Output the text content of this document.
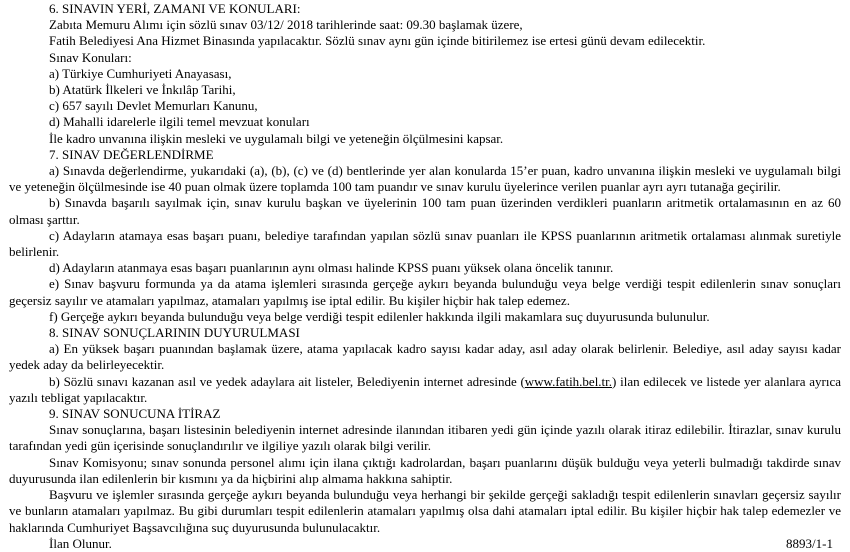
6. SINAVIN YERİ, ZAMANI VE KONULARI:
Zabıta Memuru Alımı için sözlü sınav 03/12/ 2018 tarihlerinde saat: 09.30 başlamak üzere,
Fatih Belediyesi Ana Hizmet Binasında yapılacaktır. Sözlü sınav aynı gün içinde bitirilemez ise ertesi günü devam edilecektir.
Sınav Konuları:
a) Türkiye Cumhuriyeti Anayasası,
b) Atatürk İlkeleri ve İnkılâp Tarihi,
c) 657 sayılı Devlet Memurları Kanunu,
d) Mahalli idarelerle ilgili temel mevzuat konuları
İle kadro unvanına ilişkin mesleki ve uygulamalı bilgi ve yeteneğin ölçülmesini kapsar.
7. SINAV DEĞERLENDİRME
a) Sınavda değerlendirme, yukarıdaki (a), (b), (c) ve (d) bentlerinde yer alan konularda 15’er puan, kadro unvanına ilişkin mesleki ve uygulamalı bilgi ve yeteneğin ölçülmesinde ise 40 puan olmak üzere toplamda 100 tam puandır ve sınav kurulu üyelerince verilen puanlar ayrı ayrı tutanağa geçirilir.
b) Sınavda başarılı sayılmak için, sınav kurulu başkan ve üyelerinin 100 tam puan üzerinden verdikleri puanların aritmetik ortalamasının en az 60 olması şarttır.
c) Adayların atamaya esas başarı puanı, belediye tarafından yapılan sözlü sınav puanları ile KPSS puanlarının aritmetik ortalaması alınmak suretiyle belirlenir.
d) Adayların atanmaya esas başarı puanlarının aynı olması halinde KPSS puanı yüksek olana öncelik tanınır.
e) Sınav başvuru formunda ya da atama işlemleri sırasında gerçeğe aykırı beyanda bulunduğu veya belge verdiği tespit edilenlerin sınav sonuçları geçersiz sayılır ve atamaları yapılmaz, atamaları yapılmış ise iptal edilir. Bu kişiler hiçbir hak talep edemez.
f) Gerçeğe aykırı beyanda bulunduğu veya belge verdiği tespit edilenler hakkında ilgili makamlara suç duyurusunda bulunulur.
8. SINAV SONUÇLARININ DUYURULMASI
a) En yüksek başarı puanından başlamak üzere, atama yapılacak kadro sayısı kadar aday, asıl aday olarak belirlenir. Belediye, asıl aday sayısı kadar yedek aday da belirleyecektir.
b) Sözlü sınavı kazanan asıl ve yedek adaylara ait listeler, Belediyenin internet adresinde (www.fatih.bel.tr.) ilan edilecek ve listede yer alanlara ayrıca yazılı tebligat yapılacaktır.
9. SINAV SONUCUNA İTİRAZ
Sınav sonuçlarına, başarı listesinin belediyenin internet adresinde ilanından itibaren yedi gün içinde yazılı olarak itiraz edilebilir. İtirazlar, sınav kurulu tarafından yedi gün içerisinde sonuçlandırılır ve ilgiliye yazılı olarak bilgi verilir.
Sınav Komisyonu; sınav sonunda personel alımı için ilana çıktığı kadrolardan, başarı puanlarını düşük bulduğu veya yeterli bulmadığı takdirde sınav duyurusunda ilan edilenlerin bir kısmını ya da hiçbirini alıp almama hakkına sahiptir.
Başvuru ve işlemler sırasında gerçeğe aykırı beyanda bulunduğu veya herhangi bir şekilde gerçeği sakladığı tespit edilenlerin sınavları geçersiz sayılır ve bunların atamaları yapılmaz. Bu gibi durumları tespit edilenlerin atamaları yapılmış olsa dahi atamaları iptal edilir. Bu kişiler hiçbir hak talep edemezler ve haklarında Cumhuriyet Başsavcılığına suç duyurusunda bulunulacaktır.
İlan Olunur.	8893/1-1
